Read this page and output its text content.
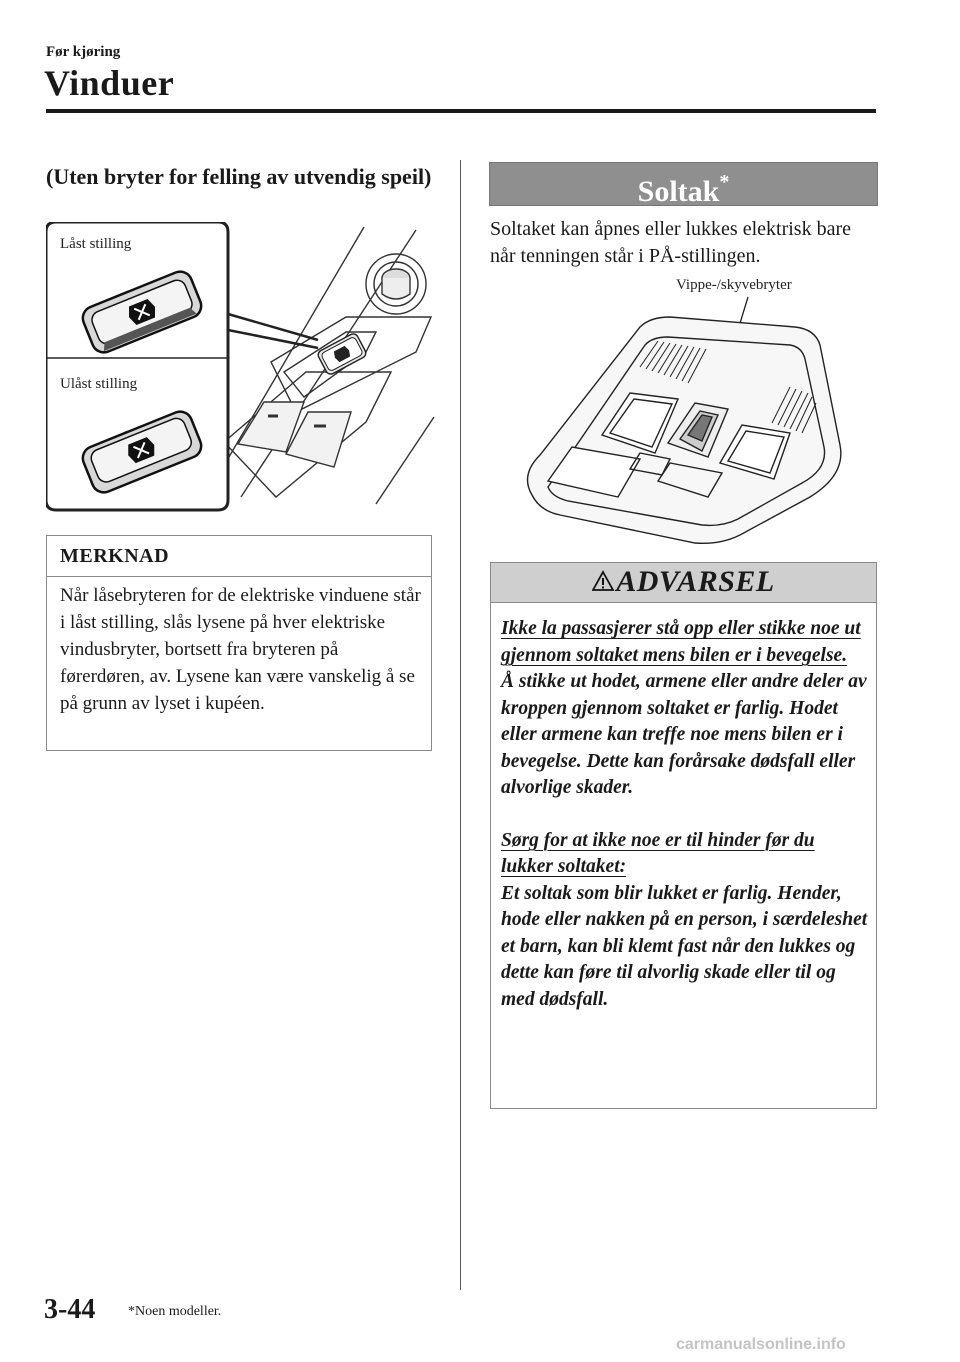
Før kjøring
Vinduer
(Uten bryter for felling av utvendig speil)
Låst stilling
Ulåst stilling
MERKNAD
Når låsebryteren for de elektriske vinduene står i låst stilling, slås lysene på hver elektriske vindusbryter, bortsett fra bryteren på førerdøren, av. Lysene kan være vanskelig å se på grunn av lyset i kupéen.
Soltak*
Soltaket kan åpnes eller lukkes elektrisk bare når tenningen står i PÅ-stillingen.
Vippe-/skyvebryter
ADVARSEL
Ikke la passasjerer stå opp eller stikke noe ut gjennom soltaket mens bilen er i bevegelse.
Å stikke ut hodet, armene eller andre deler av kroppen gjennom soltaket er farlig. Hodet eller armene kan treffe noe mens bilen er i bevegelse. Dette kan forårsake dødsfall eller alvorlige skader.
Sørg for at ikke noe er til hinder før du lukker soltaket:
Et soltak som blir lukket er farlig. Hender, hode eller nakken på en person, i særdeleshet et barn, kan bli klemt fast når den lukkes og dette kan føre til alvorlig skade eller til og med dødsfall.
3-44 *Noen modeller.
carmanualsonline.info
